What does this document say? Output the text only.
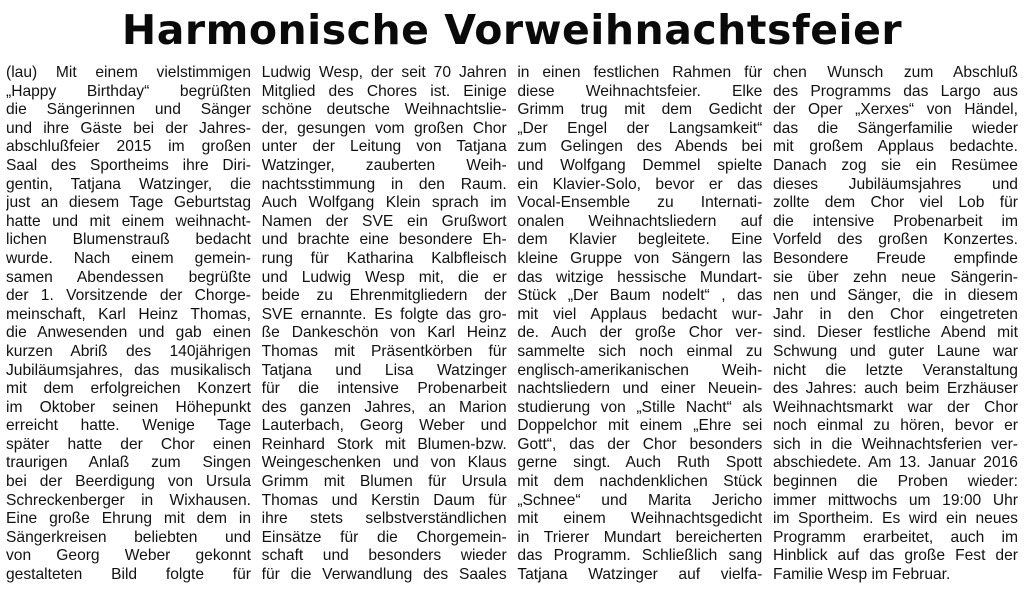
Harmonische Vorweihnachtsfeier
(lau) Mit einem vielstimmigen
„Happy Birthday“ begrüßten
die Sängerinnen und Sänger
und ihre Gäste bei der Jahres-
abschlußfeier 2015 im großen
Saal des Sportheims ihre Diri-
gentin, Tatjana Watzinger, die
just an diesem Tage Geburtstag
hatte und mit einem weihnacht-
lichen Blumenstrauß bedacht
wurde. Nach einem gemein-
samen Abendessen begrüßte
der 1. Vorsitzende der Chorge-
meinschaft, Karl Heinz Thomas,
die Anwesenden und gab einen
kurzen Abriß des 140jährigen
Jubiläumsjahres, das musikalisch
mit dem erfolgreichen Konzert
im Oktober seinen Höhepunkt
erreicht hatte. Wenige Tage
später hatte der Chor einen
traurigen Anlaß zum Singen
bei der Beerdigung von Ursula
Schreckenberger in Wixhausen.
Eine große Ehrung mit dem in
Sängerkreisen beliebten und
von Georg Weber gekonnt
gestalteten Bild folgte für
Ludwig Wesp, der seit 70 Jahren
Mitglied des Chores ist. Einige
schöne deutsche Weihnachtslie-
der, gesungen vom großen Chor
unter der Leitung von Tatjana
Watzinger, zauberten Weih-
nachtsstimmung in den Raum.
Auch Wolfgang Klein sprach im
Namen der SVE ein Grußwort
und brachte eine besondere Eh-
rung für Katharina Kalbfleisch
und Ludwig Wesp mit, die er
beide zu Ehrenmitgliedern der
SVE ernannte. Es folgte das gro-
ße Dankeschön von Karl Heinz
Thomas mit Präsentkörben für
Tatjana und Lisa Watzinger
für die intensive Probenarbeit
des ganzen Jahres, an Marion
Lauterbach, Georg Weber und
Reinhard Stork mit Blumen-bzw.
Weingeschenken und von Klaus
Grimm mit Blumen für Ursula
Thomas und Kerstin Daum für
ihre stets selbstverständlichen
Einsätze für die Chorgemein-
schaft und besonders wieder
für die Verwandlung des Saales
in einen festlichen Rahmen für
diese Weihnachtsfeier. Elke
Grimm trug mit dem Gedicht
„Der Engel der Langsamkeit“
zum Gelingen des Abends bei
und Wolfgang Demmel spielte
ein Klavier-Solo, bevor er das
Vocal-Ensemble zu Internati-
onalen Weihnachtsliedern auf
dem Klavier begleitete. Eine
kleine Gruppe von Sängern las
das witzige hessische Mundart-
Stück „Der Baum nodelt“ , das
mit viel Applaus bedacht wur-
de. Auch der große Chor ver-
sammelte sich noch einmal zu
englisch-amerikanischen Weih-
nachtsliedern und einer Neuein-
studierung von „Stille Nacht“ als
Doppelchor mit einem „Ehre sei
Gott“, das der Chor besonders
gerne singt. Auch Ruth Spott
mit dem nachdenklichen Stück
„Schnee“ und Marita Jericho
mit einem Weihnachtsgedicht
in Trierer Mundart bereicherten
das Programm. Schließlich sang
Tatjana Watzinger auf vielfa-
chen Wunsch zum Abschluß
des Programms das Largo aus
der Oper „Xerxes“ von Händel,
das die Sängerfamilie wieder
mit großem Applaus bedachte.
Danach zog sie ein Resümee
dieses Jubiläumsjahres und
zollte dem Chor viel Lob für
die intensive Probenarbeit im
Vorfeld des großen Konzertes.
Besondere Freude empfinde
sie über zehn neue Sängerin-
nen und Sänger, die in diesem
Jahr in den Chor eingetreten
sind. Dieser festliche Abend mit
Schwung und guter Laune war
nicht die letzte Veranstaltung
des Jahres: auch beim Erzhäuser
Weihnachtsmarkt war der Chor
noch einmal zu hören, bevor er
sich in die Weihnachtsferien ver-
abschiedete. Am 13. Januar 2016
beginnen die Proben wieder:
immer mittwochs um 19:00 Uhr
im Sportheim. Es wird ein neues
Programm erarbeitet, auch im
Hinblick auf das große Fest der
Familie Wesp im Februar.
